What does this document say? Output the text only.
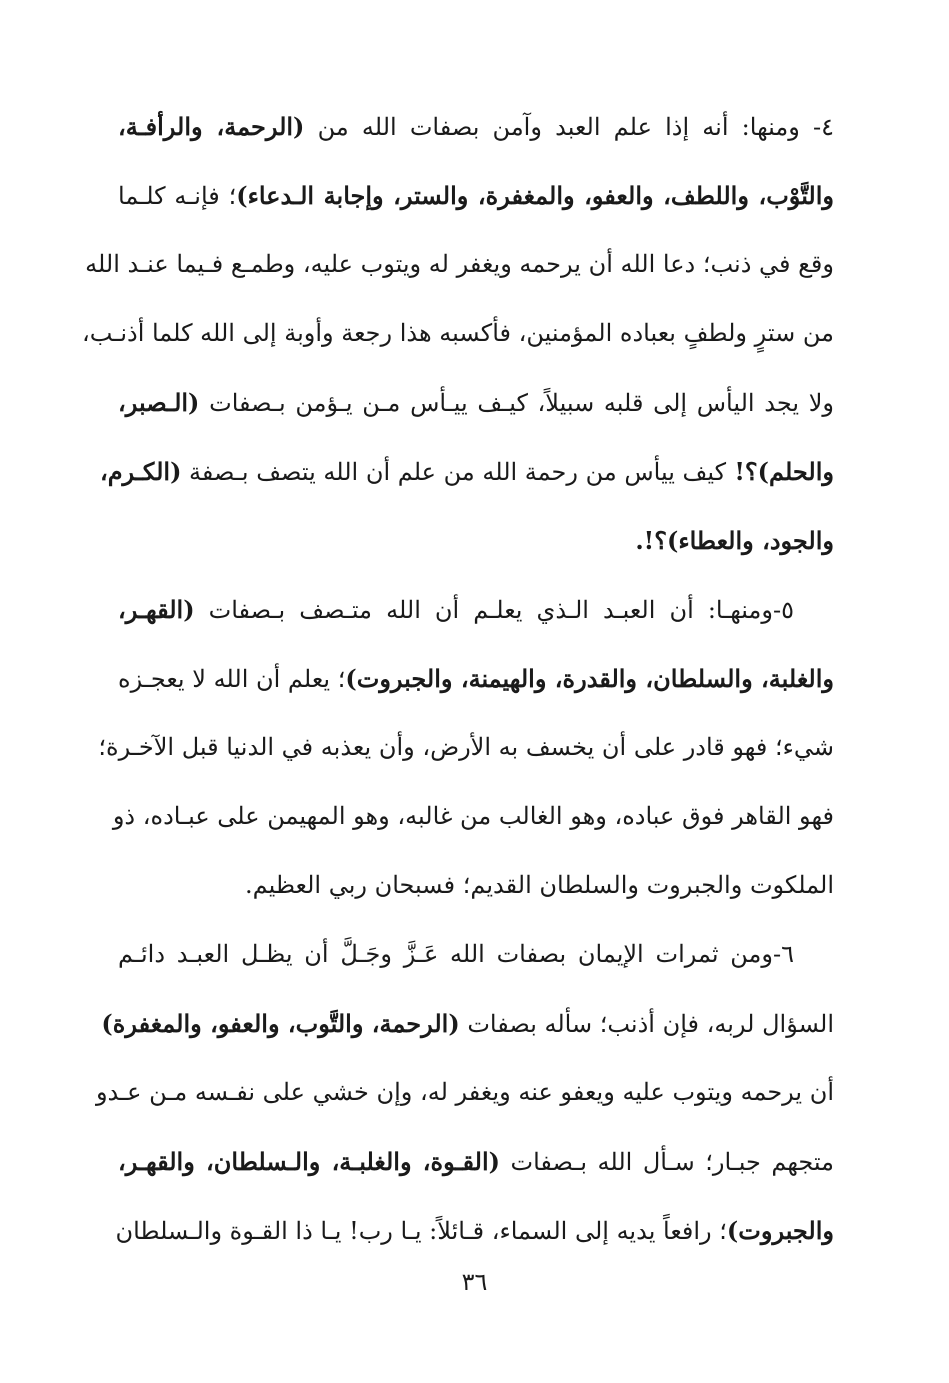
٤- ومنها: أنه إذا علم العبد وآمن بصفات الله من (الرحمة، والرأفـة،
والتَّوْب، واللطف، والعفو، والمغفرة، والستر، وإجابة الـدعاء)؛ فإنـه كلـما
وقع في ذنب؛ دعا الله أن يرحمه ويغفر له ويتوب عليه، وطمـع فـيما عنـد الله
من سترٍ ولطفٍ بعباده المؤمنين، فأكسبه هذا رجعة وأوبة إلى الله كلما أذنـب،
ولا يجد اليأس إلى قلبه سبيلاً، كيـف ييـأس مـن يـؤمن بـصفات (الـصبر،
والحلم)؟! كيف ييأس من رحمة الله من علم أن الله يتصف بـصفة (الكـرم،
والجود، والعطاء)؟!.
٥-ومنهـا: أن العبـد الـذي يعلـم أن الله متـصف بـصفات (القهـر،
والغلبة، والسلطان، والقدرة، والهيمنة، والجبروت)؛ يعلم أن الله لا يعجـزه
شيء؛ فهو قادر على أن يخسف به الأرض، وأن يعذبه في الدنيا قبل الآخـرة؛
فهو القاهر فوق عباده، وهو الغالب من غالبه، وهو المهيمن على عبـاده، ذو
الملكوت والجبروت والسلطان القديم؛ فسبحان ربي العظيم.
٦-ومن ثمرات الإيمان بصفات الله عَـزَّ وجَـلَّ أن يظـل العبـد دائـم
السؤال لربه، فإن أذنب؛ سأله بصفات (الرحمة، والتَّوب، والعفو، والمغفرة)
أن يرحمه ويتوب عليه ويعفو عنه ويغفر له، وإن خشي على نفـسه مـن عـدو
متجهم جبـار؛ سـأل الله بـصفات (القـوة، والغلبـة، والـسلطان، والقهـر،
والجبروت)؛ رافعاً يديه إلى السماء، قـائلاً: يـا رب! يـا ذا القـوة والـسلطان
٣٦
